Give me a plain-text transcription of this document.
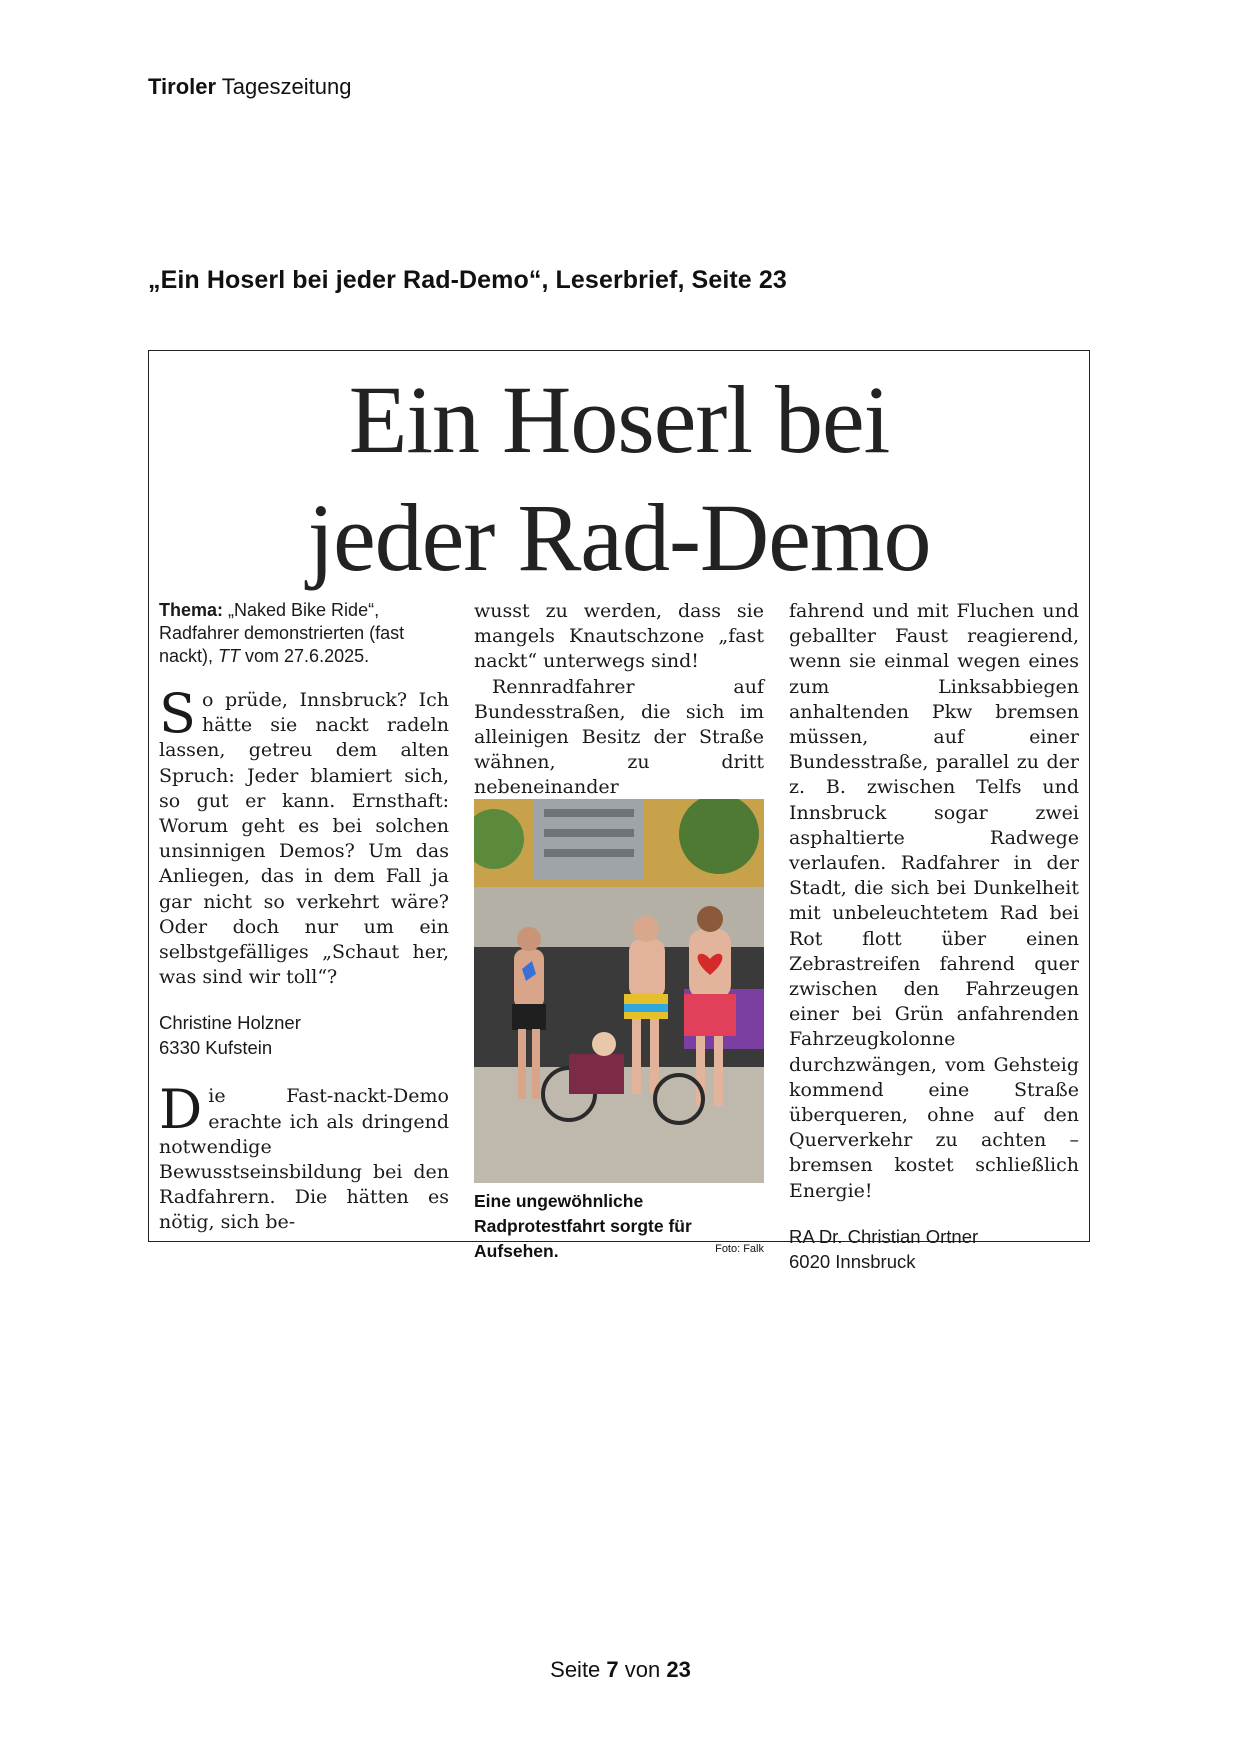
Tiroler Tageszeitung
„Ein Hoserl bei jeder Rad-Demo“, Leserbrief, Seite 23
Ein Hoserl bei
jeder Rad-Demo

Thema: „Naked Bike Ride“, Radfahrer demonstrierten (fast nackt), TT vom 27.6.2025.

So prüde, Innsbruck? Ich hätte sie nackt radeln lassen, getreu dem alten Spruch: Jeder blamiert sich, so gut er kann. Ernsthaft: Worum geht es bei solchen unsinnigen Demos? Um das Anliegen, das in dem Fall ja gar nicht so verkehrt wäre? Oder doch nur um ein selbstgefälliges „Schaut her, was sind wir toll“?

Christine Holzner
6330 Kufstein

Die Fast-nackt-Demo erachte ich als dringend notwendige Bewusstseinsbildung bei den Radfahrern. Die hätten es nötig, sich be-

wusst zu werden, dass sie mangels Knautschzone „fast nackt“ unterwegs sind!

Rennradfahrer auf Bundesstraßen, die sich im alleinigen Besitz der Straße wähnen, zu dritt nebeneinander

Eine ungewöhnliche Radprotestfahrt sorgte für Aufsehen.	Foto: Falk

fahrend und mit Fluchen und geballter Faust reagierend, wenn sie einmal wegen eines zum Linksabbiegen anhaltenden Pkw bremsen müssen, auf einer Bundesstraße, parallel zu der z. B. zwischen Telfs und Innsbruck sogar zwei asphaltierte Radwege verlaufen. Radfahrer in der Stadt, die sich bei Dunkelheit mit unbeleuchtetem Rad bei Rot flott über einen Zebrastreifen fahrend quer zwischen den Fahrzeugen einer bei Grün anfahrenden Fahrzeugkolonne durchzwängen, vom Gehsteig kommend eine Straße überqueren, ohne auf den Querverkehr zu achten – bremsen kostet schließlich Energie!

RA Dr. Christian Ortner
6020 Innsbruck
Seite 7 von 23
